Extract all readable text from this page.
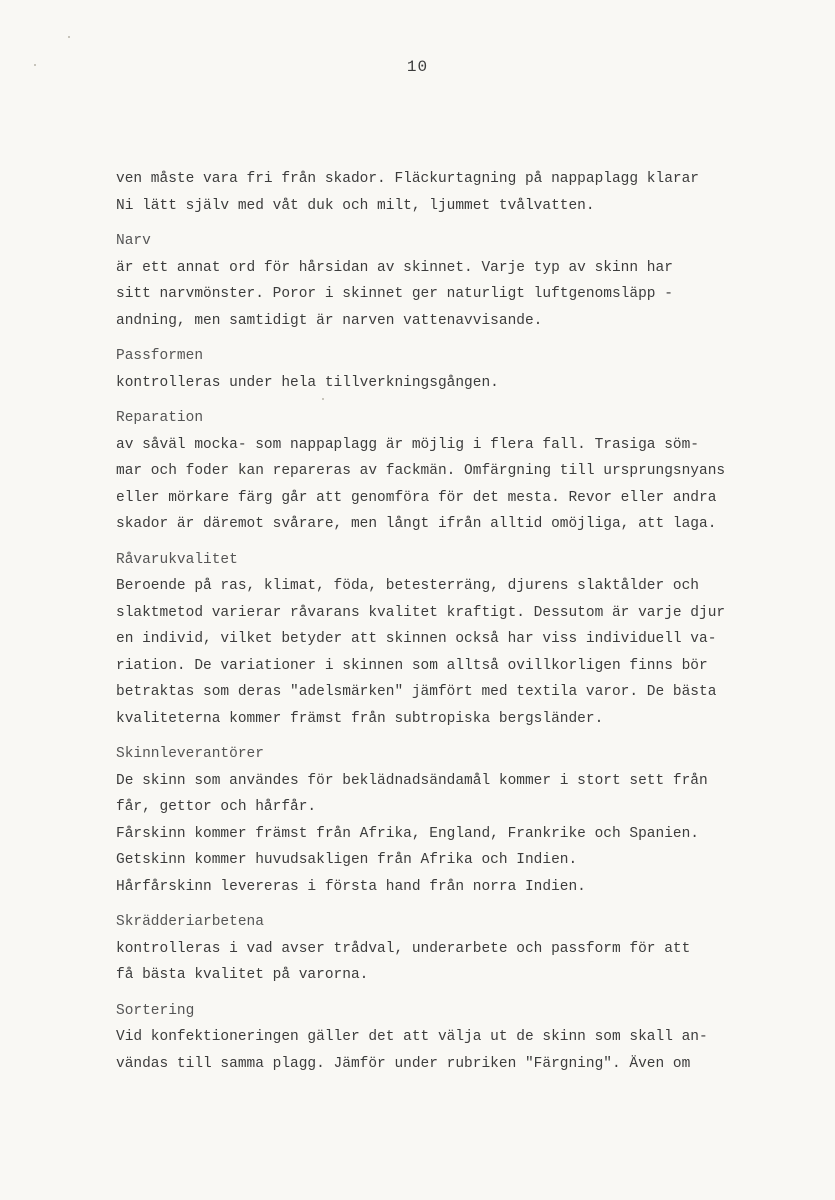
10
ven måste vara fri från skador. Fläckurtagning på nappaplagg klarar
Ni lätt själv med våt duk och milt, ljummet tvålvatten.
Narv
är ett annat ord för hårsidan av skinnet. Varje typ av skinn har
sitt narvmönster. Poror i skinnet ger naturligt luftgenomsläpp -
andning, men samtidigt är narven vattenavvisande.
Passformen
kontrolleras under hela tillverkningsgången.
Reparation
av såväl mocka- som nappaplagg är möjlig i flera fall. Trasiga söm-
mar och foder kan repareras av fackmän. Omfärgning till ursprungsnyans
eller mörkare färg går att genomföra för det mesta. Revor eller andra
skador är däremot svårare, men långt ifrån alltid omöjliga, att laga.
Råvarukvalitet
Beroende på ras, klimat, föda, betesterräng, djurens slaktålder och
slaktmetod varierar råvarans kvalitet kraftigt. Dessutom är varje djur
en individ, vilket betyder att skinnen också har viss individuell va-
riation. De variationer i skinnen som alltså ovillkorligen finns bör
betraktas som deras "adelsmärken" jämfört med textila varor. De bästa
kvaliteterna kommer främst från subtropiska bergsländer.
Skinnleverantörer
De skinn som användes för beklädnadsändamål kommer i stort sett från
får, gettor och hårfår.
Fårskinn kommer främst från Afrika, England, Frankrike och Spanien.
Getskinn kommer huvudsakligen från Afrika och Indien.
Hårfårskinn levereras i första hand från norra Indien.
Skrädderiarbetena
kontrolleras i vad avser trådval, underarbete och passform för att
få bästa kvalitet på varorna.
Sortering
Vid konfektioneringen gäller det att välja ut de skinn som skall an-
vändas till samma plagg. Jämför under rubriken "Färgning". Även om
